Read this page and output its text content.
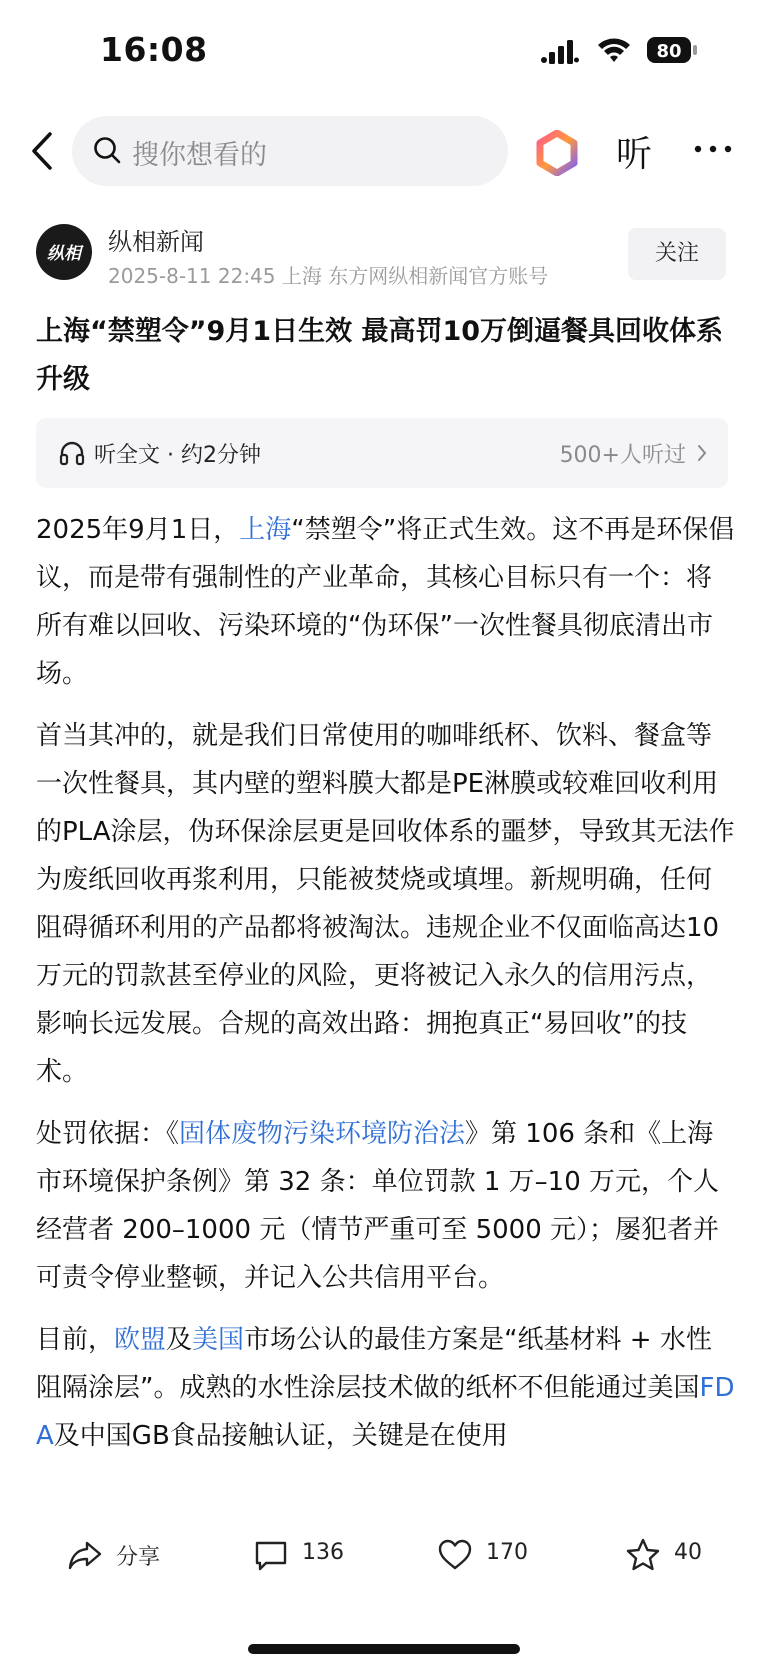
16:08	80
搜你想看的	听
纵相	纵相新闻
2025-8-11 22:45 上海 东方网纵相新闻官方账号
关注
上海“禁塑令”9月1日生效 最高罚10万倒逼餐具回收体系升级
听全文 · 约2分钟	500+人听过

2025年9月1日，上海“禁塑令”将正式生效。这不再是环保倡议，而是带有强制性的产业革命，其核心目标只有一个：将所有难以回收、污染环境的“伪环保”一次性餐具彻底清出市场。

首当其冲的，就是我们日常使用的咖啡纸杯、饮料、餐盒等一次性餐具，其内壁的塑料膜大都是PE淋膜或较难回收利用的PLA涂层，伪环保涂层更是回收体系的噩梦，导致其无法作为废纸回收再浆利用，只能被焚烧或填埋。新规明确，任何阻碍循环利用的产品都将被淘汰。违规企业不仅面临高达10万元的罚款甚至停业的风险，更将被记入永久的信用污点，影响长远发展。合规的高效出路：拥抱真正“易回收”的技术。

处罚依据：《固体废物污染环境防治法》第 106 条和《上海市环境保护条例》第 32 条：单位罚款 1 万–10 万元，个人经营者 200–1000 元（情节严重可至 5000 元）；屡犯者并可责令停业整顿，并记入公共信用平台。

目前，欧盟及美国市场公认的最佳方案是“纸基材料 + 水性阻隔涂层”。成熟的水性涂层技术做的纸杯不但能通过美国FDA及中国GB食品接触认证，关键是在使用

分享	136	170	40
